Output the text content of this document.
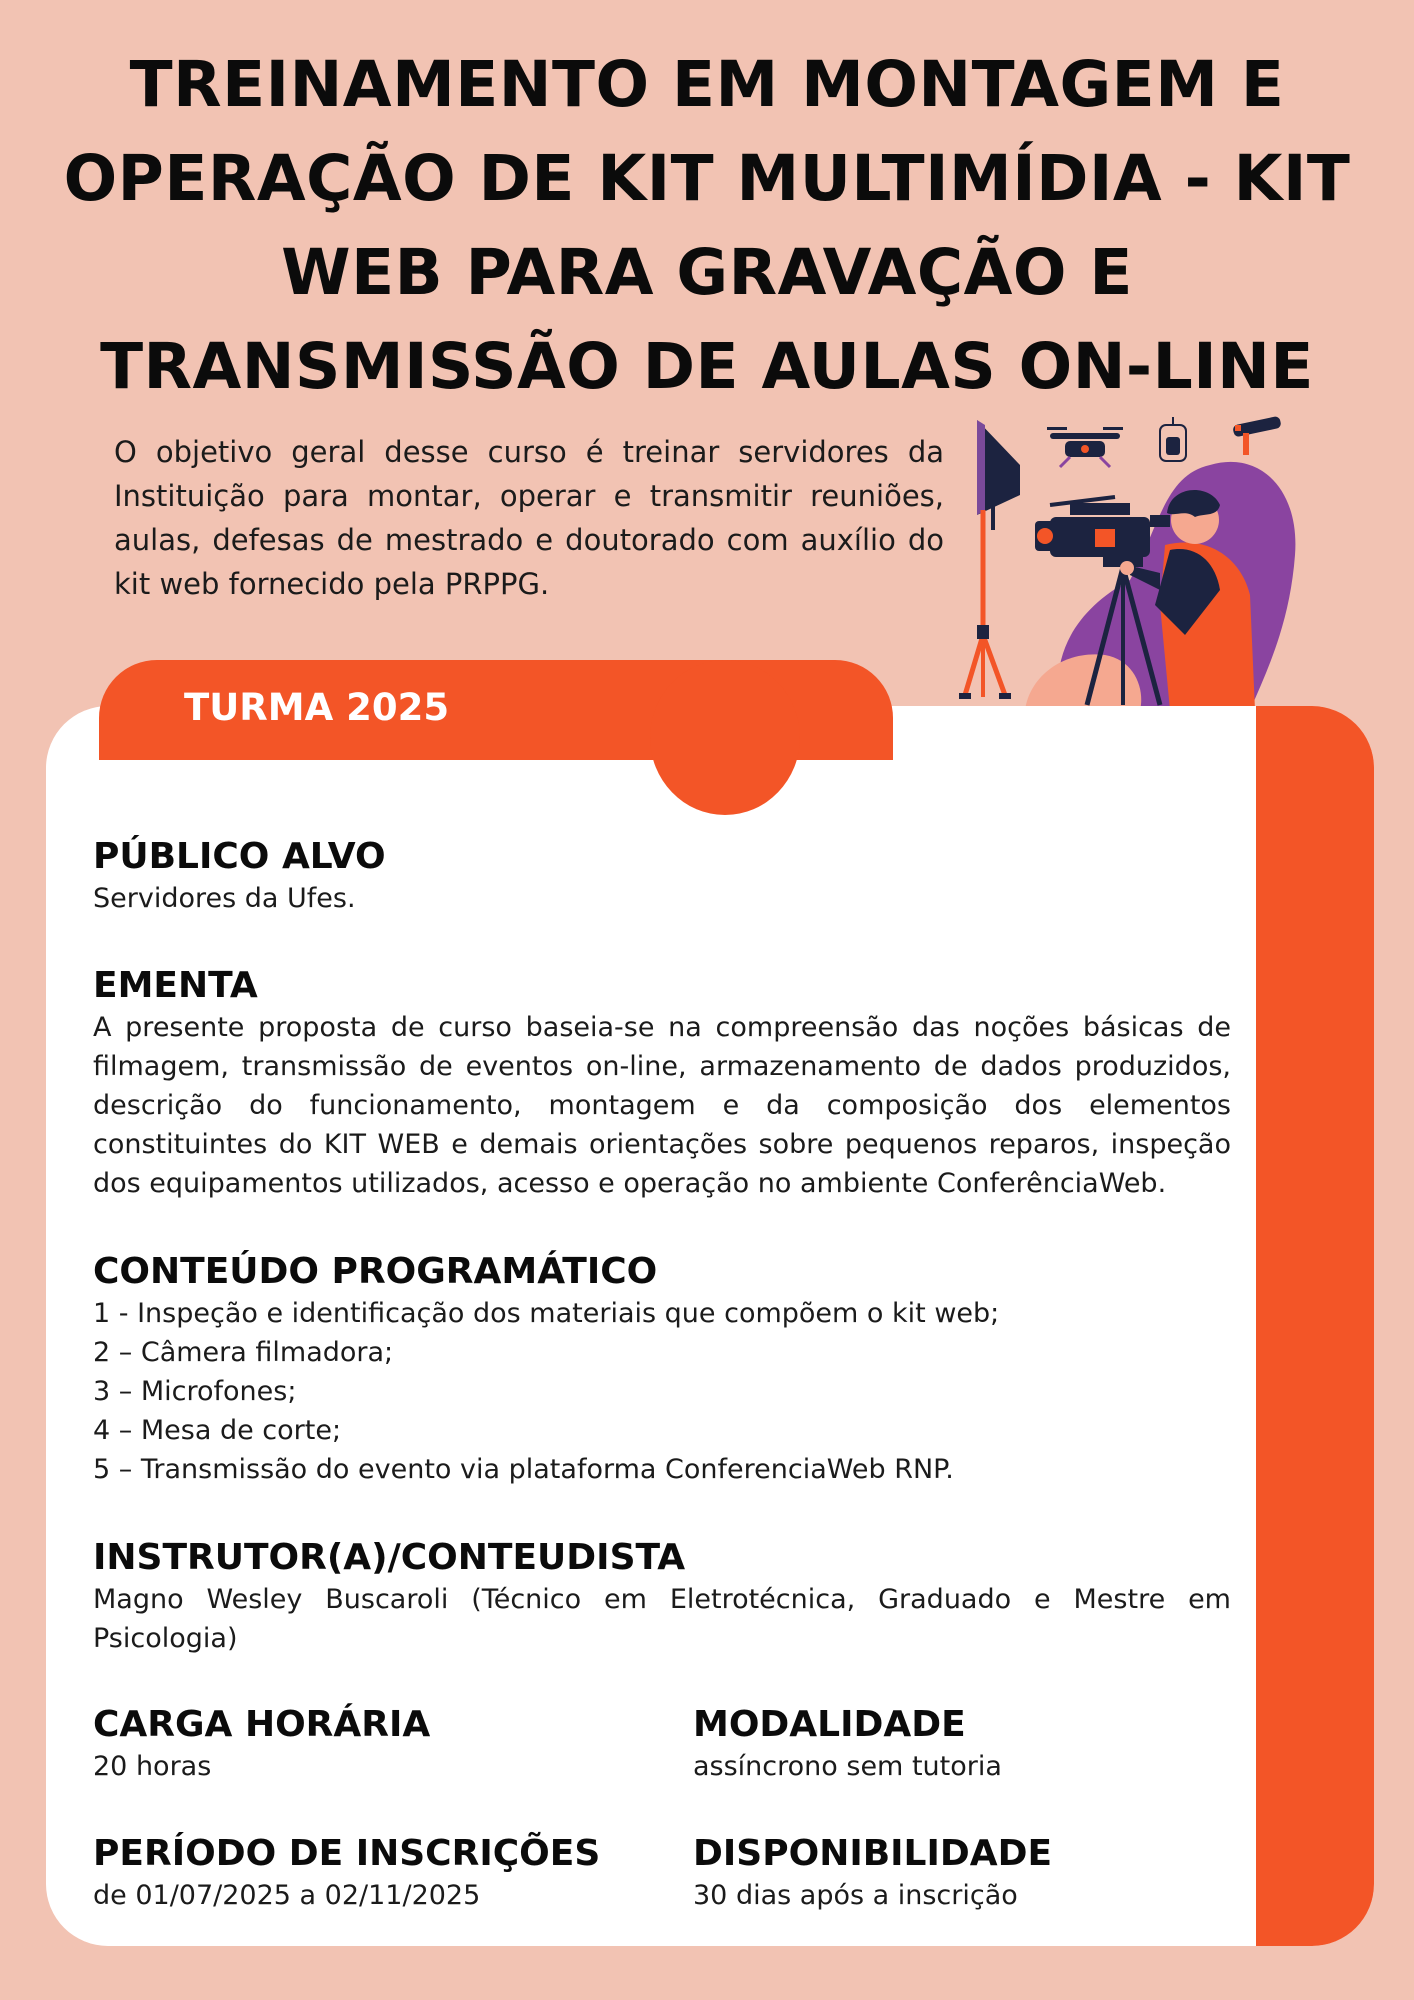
TREINAMENTO EM MONTAGEM E OPERAÇÃO DE KIT MULTIMÍDIA - KIT WEB PARA GRAVAÇÃO E TRANSMISSÃO DE AULAS ON-LINE

O objetivo geral desse curso é treinar servidores da Instituição para montar, operar e transmitir reuniões, aulas, defesas de mestrado e doutorado com auxílio do kit web fornecido pela PRPPG.

TURMA 2025
PÚBLICO ALVO

Servidores da Ufes.

EMENTA

A presente proposta de curso baseia-se na compreensão das noções básicas de filmagem, transmissão de eventos on-line, armazenamento de dados produzidos, descrição do funcionamento, montagem e da composição dos elementos constituintes do KIT WEB e demais orientações sobre pequenos reparos, inspeção dos equipamentos utilizados, acesso e operação no ambiente ConferênciaWeb.

CONTEÚDO PROGRAMÁTICO
1 - Inspeção e identificação dos materiais que compõem o kit web;
2 – Câmera filmadora;
3 – Microfones;
4 – Mesa de corte;
5 – Transmissão do evento via plataforma ConferenciaWeb RNP.
INSTRUTOR(A)/CONTEUDISTA

Magno Wesley Buscaroli (Técnico em Eletrotécnica, Graduado e Mestre em Psicologia)

CARGA HORÁRIA

20 horas

MODALIDADE

assíncrono sem tutoria

PERÍODO DE INSCRIÇÕES

de 01/07/2025 a 02/11/2025

DISPONIBILIDADE

30 dias após a inscrição
